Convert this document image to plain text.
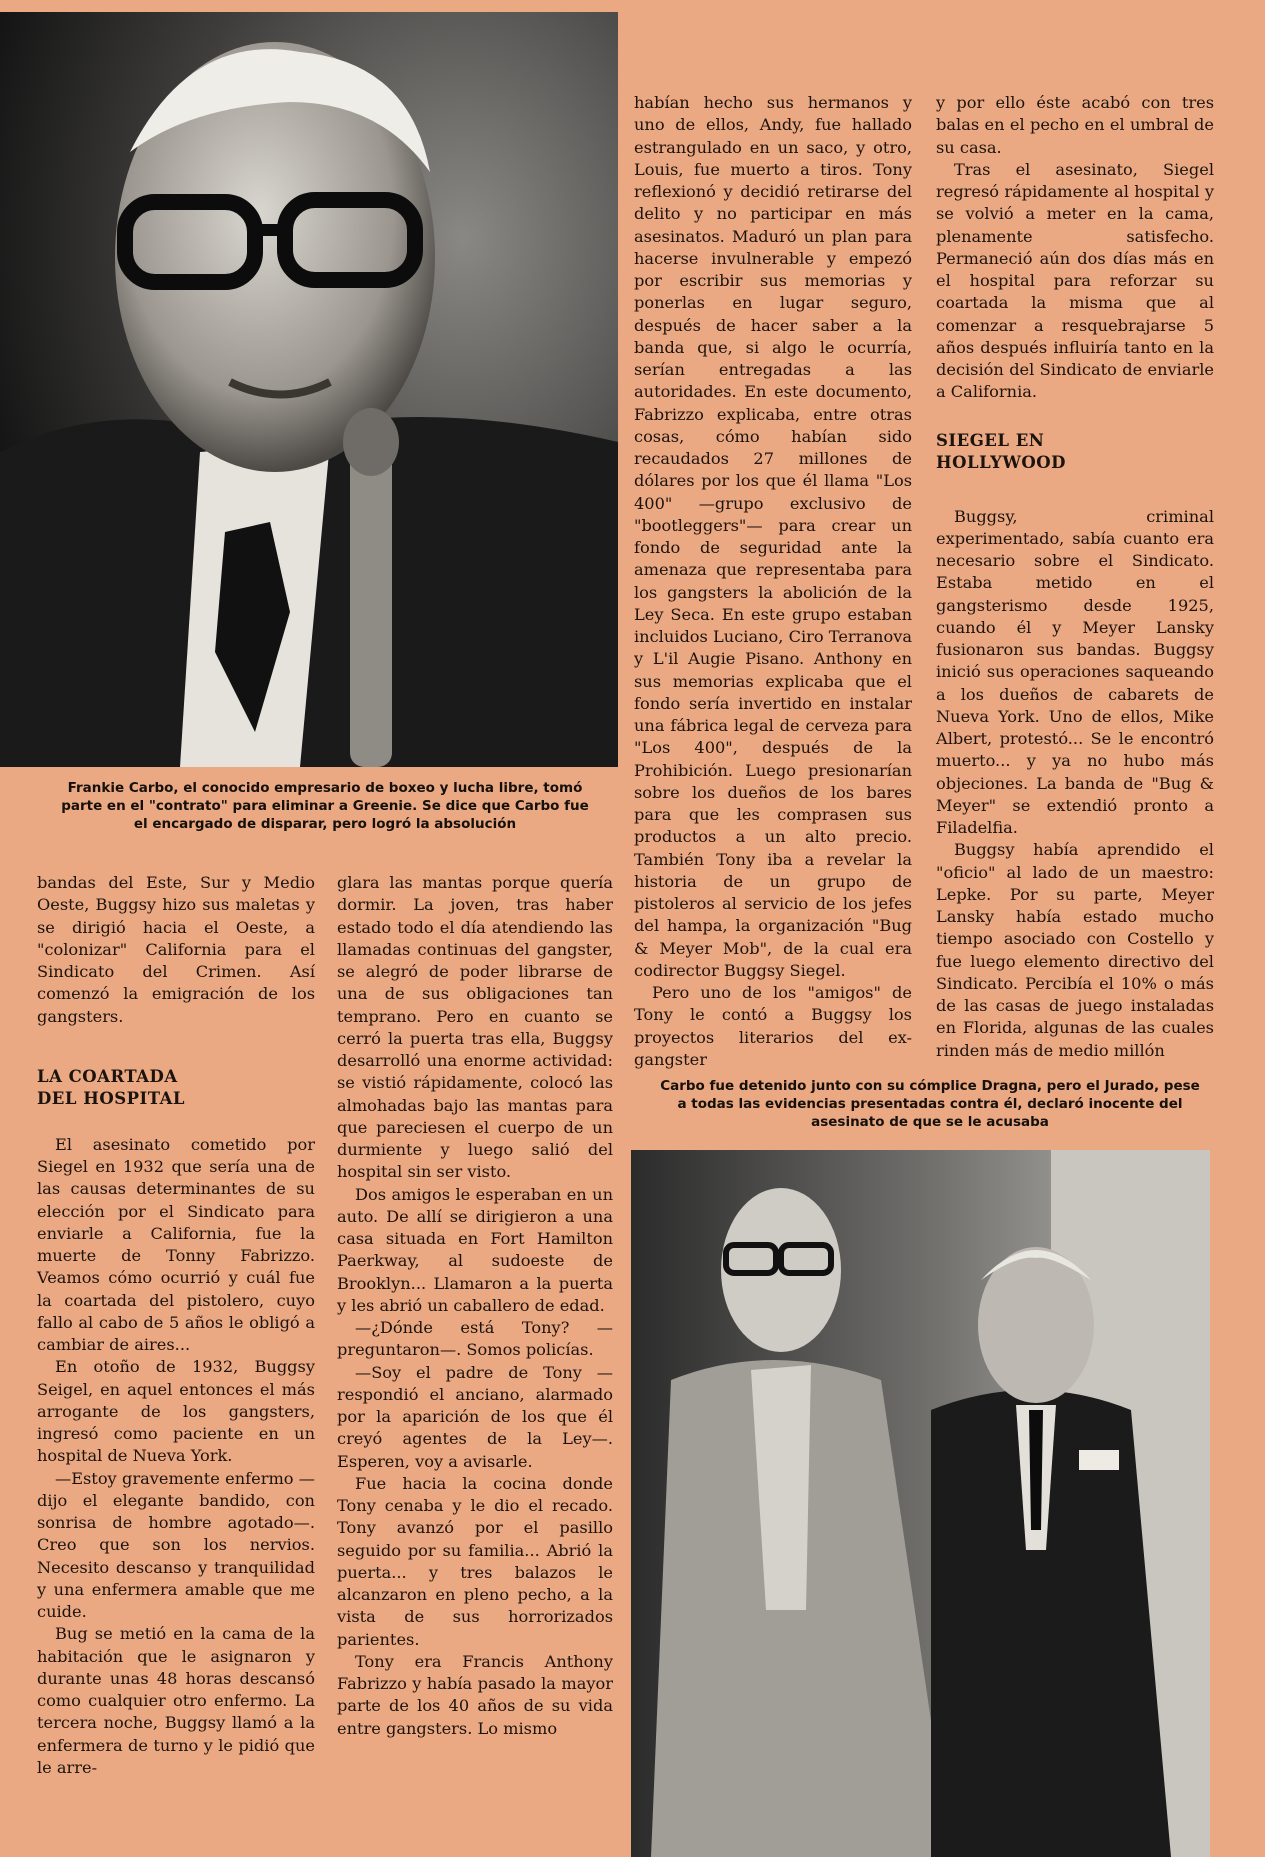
Frankie Carbo, el conocido empresario de boxeo y lucha libre, tomó parte en el "contrato" para eliminar a Greenie. Se dice que Carbo fue el encargado de disparar, pero logró la absolución

bandas del Este, Sur y Medio Oeste, Buggsy hizo sus maletas y se dirigió hacia el Oeste, a "colonizar" California para el Sindicato del Crimen. Así comenzó la emigración de los gangsters.

LA COARTADA
DEL HOSPITAL

El asesinato cometido por Siegel en 1932 que sería una de las causas determinantes de su elección por el Sindicato para enviarle a California, fue la muerte de Tonny Fabrizzo. Veamos cómo ocurrió y cuál fue la coartada del pistolero, cuyo fallo al cabo de 5 años le obligó a cambiar de aires...

En otoño de 1932, Buggsy Seigel, en aquel entonces el más arrogante de los gangsters, ingresó como paciente en un hospital de Nueva York.

—Estoy gravemente enfermo —dijo el elegante bandido, con sonrisa de hombre agotado—. Creo que son los nervios. Necesito descanso y tranquilidad y una enfermera amable que me cuide.

Bug se metió en la cama de la habitación que le asignaron y durante unas 48 horas descansó como cualquier otro enfermo. La tercera noche, Buggsy llamó a la enfermera de turno y le pidió que le arre-

glara las mantas porque quería dormir. La joven, tras haber estado todo el día atendiendo las llamadas continuas del gangster, se alegró de poder librarse de una de sus obligaciones tan temprano. Pero en cuanto se cerró la puerta tras ella, Buggsy desarrolló una enorme actividad: se vistió rápidamente, colocó las almohadas bajo las mantas para que pareciesen el cuerpo de un durmiente y luego salió del hospital sin ser visto.

Dos amigos le esperaban en un auto. De allí se dirigieron a una casa situada en Fort Hamilton Paerkway, al sudoeste de Brooklyn... Llamaron a la puerta y les abrió un caballero de edad.

—¿Dónde está Tony? —preguntaron—. Somos policías.

—Soy el padre de Tony —respondió el anciano, alarmado por la aparición de los que él creyó agentes de la Ley—. Esperen, voy a avisarle.

Fue hacia la cocina donde Tony cenaba y le dio el recado. Tony avanzó por el pasillo seguido por su familia... Abrió la puerta... y tres balazos le alcanzaron en pleno pecho, a la vista de sus horrorizados parientes.

Tony era Francis Anthony Fabrizzo y había pasado la mayor parte de los 40 años de su vida entre gangsters. Lo mismo

habían hecho sus hermanos y uno de ellos, Andy, fue hallado estrangulado en un saco, y otro, Louis, fue muerto a tiros. Tony reflexionó y decidió retirarse del delito y no participar en más asesinatos. Maduró un plan para hacerse invulnerable y empezó por escribir sus memorias y ponerlas en lugar seguro, después de hacer saber a la banda que, si algo le ocurría, serían entregadas a las autoridades. En este documento, Fabrizzo explicaba, entre otras cosas, cómo habían sido recaudados 27 millones de dólares por los que él llama "Los 400" —grupo exclusivo de "bootleggers"— para crear un fondo de seguridad ante la amenaza que representaba para los gangsters la abolición de la Ley Seca. En este grupo estaban incluidos Luciano, Ciro Terranova y L'il Augie Pisano. Anthony en sus memorias explicaba que el fondo sería invertido en instalar una fábrica legal de cerveza para "Los 400", después de la Prohibición. Luego presionarían sobre los dueños de los bares para que les comprasen sus productos a un alto precio. También Tony iba a revelar la historia de un grupo de pistoleros al servicio de los jefes del hampa, la organización "Bug & Meyer Mob", de la cual era codirector Buggsy Siegel.

Pero uno de los "amigos" de Tony le contó a Buggsy los proyectos literarios del ex-gangster

y por ello éste acabó con tres balas en el pecho en el umbral de su casa.

Tras el asesinato, Siegel regresó rápidamente al hospital y se volvió a meter en la cama, plenamente satisfecho. Permaneció aún dos días más en el hospital para reforzar su coartada la misma que al comenzar a resquebrajarse 5 años después influiría tanto en la decisión del Sindicato de enviarle a California.

SIEGEL EN
HOLLYWOOD

Buggsy, criminal experimentado, sabía cuanto era necesario sobre el Sindicato. Estaba metido en el gangsterismo desde 1925, cuando él y Meyer Lansky fusionaron sus bandas. Buggsy inició sus operaciones saqueando a los dueños de cabarets de Nueva York. Uno de ellos, Mike Albert, protestó... Se le encontró muerto... y ya no hubo más objeciones. La banda de "Bug & Meyer" se extendió pronto a Filadelfia.

Buggsy había aprendido el "oficio" al lado de un maestro: Lepke. Por su parte, Meyer Lansky había estado mucho tiempo asociado con Costello y fue luego elemento directivo del Sindicato. Percibía el 10% o más de las casas de juego instaladas en Florida, algunas de las cuales rinden más de medio millón

Carbo fue detenido junto con su cómplice Dragna, pero el Jurado, pese a todas las evidencias presentadas contra él, declaró inocente del asesinato de que se le acusaba
